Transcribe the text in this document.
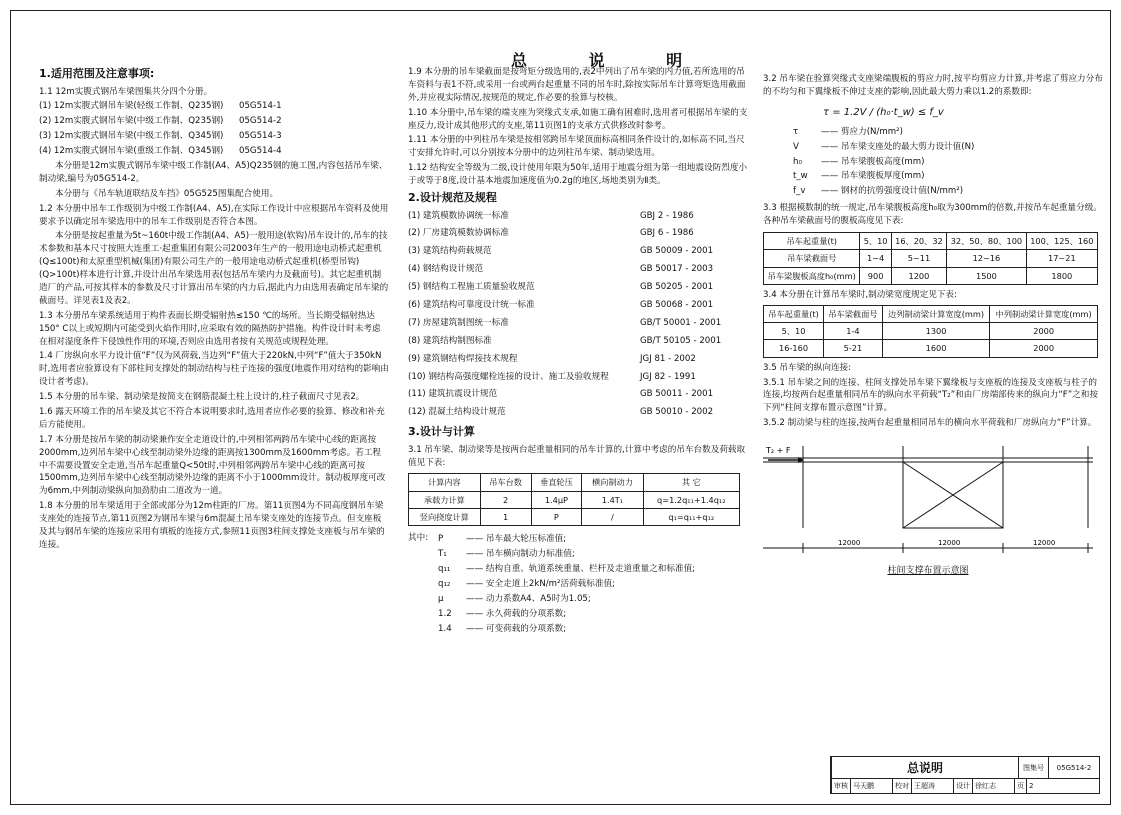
总 说 明
1.适用范围及注意事项:

1.1 12m实腹式钢吊车梁图集共分四个分册。

(1) 12m实腹式钢吊车梁(轻级工作制、Q235钢)	05G514-1
(2) 12m实腹式钢吊车梁(中级工作制、Q235钢)	05G514-2
(3) 12m实腹式钢吊车梁(中级工作制、Q345钢)	05G514-3
(4) 12m实腹式钢吊车梁(重级工作制、Q345钢)	05G514-4

本分册是12m实腹式钢吊车梁中级工作制(A4、A5)Q235钢的施工图,内容包括吊车梁、制动梁,编号为05G514-2。

本分册与《吊车轨道联结及车挡》05G525图集配合使用。

1.2 本分册中吊车工作级别为中级工作制(A4、A5),在实际工作设计中应根据吊车资料及使用要求予以确定吊车梁选用中的吊车工作级别是否符合本图。

本分册是按起重量为5t~160t中级工作制(A4、A5)一般用途(软钩)吊车设计的,吊车的技术参数和基本尺寸按照大连重工·起重集团有限公司2003年生产的一般用途电动桥式起重机(Q≤100t)和太原重型机械(集团)有限公司生产的一般用途电动桥式起重机(桥型吊钩)(Q>100t)样本进行计算,并设计出吊车梁选用表(包括吊车梁内力及截面号)。其它起重机制造厂的产品,可按其样本的参数及尺寸计算出吊车梁的内力后,据此内力由选用表确定吊车梁的截面号。详见表1及表2。

1.3 本分册吊车梁系统适用于构件表面长期受辐射热≤150 ℃的场所。当长期受辐射热达150° C以上或短期内可能受到火焰作用时,应采取有效的隔热防护措施。构件设计时未考虑在相对湿度条件下侵蚀性作用的环境,否则应由选用者按有关规范或规程处理。

1.4 厂房纵向水平力设计值“F”仅为风荷载,当边列“F”值大于220kN,中列“F”值大于350kN时,选用者应验算设有下部柱间支撑处的制动结构与柱子连接的强度(地震作用对结构的影响由设计者考虑)。

1.5 本分册的吊车梁、制动梁是按简支在钢筋混凝土柱上设计的,柱子截面尺寸见表2。

1.6 露天环境工作的吊车梁及其它不符合本说明要求时,选用者应作必要的验算、修改和补充后方能使用。

1.7 本分册是按吊车梁的制动梁兼作安全走道设计的,中列相邻两跨吊车梁中心线的距离按2000mm,边列吊车梁中心线至制动梁外边缘的距离按1300mm及1600mm考虑。若工程中不需要设置安全走道,当吊车起重量Q<50t时,中列相邻两跨吊车梁中心线的距离可按1500mm,边列吊车梁中心线至制动梁外边缘的距离不小于1000mm设计。制动板厚度可改为6mm,中列制动梁纵向加劲肋由二道改为一道。

1.8 本分册的吊车梁适用于全部或部分为12m柱距的厂房。第11页图4为不同高度钢吊车梁支座处的连接节点,第11页图2为钢吊车梁与6m混凝土吊车梁支座处的连接节点。但支座板及其与钢吊车梁的连接应采用有填板的连接方式,参照11页图3柱间支撑处支座板与吊车梁的连接。

1.9 本分册的吊车梁截面是按弯矩分级选用的,表2中列出了吊车梁的内力值,若所选用的吊车资料与表1不符,或采用一台或两台起重量不同的吊车时,除按实际吊车计算弯矩选用截面外,并应视实际情况,按规范的规定,作必要的验算与校核。

1.10 本分册中,吊车梁的端支座为突缘式支承,如施工确有困难时,选用者可根据吊车梁的支座反力,设计成其他形式的支座,第11页图1的支承方式供修改时参考。

1.11 本分册的中列柱吊车梁是按相邻跨吊车梁顶面标高相同条件设计的,如标高不同,当尺寸安排允许时,可以分别按本分册中的边列柱吊车梁、制动梁选用。

1.12 结构安全等级为二级,设计使用年限为50年,适用于地震分组为第一组地震设防烈度小于或等于8度,设计基本地震加速度值为0.2g的地区,场地类别为Ⅱ类。

2.设计规范及规程
(1) 建筑模数协调统一标准	GBJ 2 - 1986
(2) 厂房建筑模数协调标准	GBJ 6 - 1986
(3) 建筑结构荷载规范	GB 50009 - 2001
(4) 钢结构设计规范	GB 50017 - 2003
(5) 钢结构工程施工质量验收规范	GB 50205 - 2001
(6) 建筑结构可靠度设计统一标准	GB 50068 - 2001
(7) 房屋建筑制图统一标准	GB/T 50001 - 2001
(8) 建筑结构制图标准	GB/T 50105 - 2001
(9) 建筑钢结构焊接技术规程	JGJ 81 - 2002
(10) 钢结构高强度螺栓连接的设计、施工及验收规程	JGJ 82 - 1991
(11) 建筑抗震设计规范	GB 50011 - 2001
(12) 混凝土结构设计规范	GB 50010 - 2002
3.设计与计算

3.1 吊车梁、制动梁等是按两台起重量相同的吊车计算的,计算中考虑的吊车台数及荷载取值见下表:

计算内容	吊车台数	垂直轮压	横向制动力	其 它
承载力计算	2	1.4μP	1.4T₁	q=1.2q₁₁+1.4q₁₂
竖向挠度计算	1	P	/	q₁=q₁₁+q₁₂

其中:	P	—— 吊车最大轮压标准值;
T₁	—— 吊车横向制动力标准值;
q₁₁	—— 结构自重、轨道系统重量、栏杆及走道重量之和标准值;
q₁₂	—— 安全走道上2kN/m²活荷载标准值;
μ	—— 动力系数A4、A5时为1.05;
1.2	—— 永久荷载的分项系数;
1.4	—— 可变荷载的分项系数;

3.2 吊车梁在验算突缘式支座梁端腹板的剪应力时,按平均剪应力计算,并考虑了剪应力分布的不均匀和下翼缘板不伸过支座的影响,因此最大剪力乘以1.2的系数即:

τ = 1.2V / (h₀·t_w) ≤ f_v
τ	—— 剪应力(N/mm²)
V	—— 吊车梁支座处的最大剪力设计值(N)
h₀	—— 吊车梁腹板高度(mm)
t_w	—— 吊车梁腹板厚度(mm)
f_v	—— 钢材的抗剪强度设计值(N/mm²)

3.3 根据模数制的统一规定,吊车梁腹板高度h₀取为300mm的倍数,并按吊车起重量分级。各种吊车梁截面号的腹板高度见下表:

吊车起重量(t)	5、10	16、20、32	32、50、80、100	100、125、160
吊车梁截面号	1~4	5~11	12~16	17~21
吊车梁腹板高度h₀(mm)	900	1200	1500	1800

3.4 本分册在计算吊车梁时,制动梁宽度规定见下表:

吊车起重量(t)	吊车梁截面号	边列制动梁计算宽度(mm)	中列制动梁计算宽度(mm)
5、10	1-4	1300	2000
16-160	5-21	1600	2000

3.5 吊车梁的纵向连接:

3.5.1 吊车梁之间的连接、柱间支撑处吊车梁下翼缘板与支座板的连接及支座板与柱子的连接,均按两台起重量相同吊车的纵向水平荷载“T₂”和由厂房端部传来的纵向力“F”之和按下列“柱间支撑布置示意图”计算。

3.5.2 制动梁与柱的连接,按两台起重量相同吊车的横向水平荷载和厂房纵向力“F”计算。

T₂ + F
12000	12000	12000
柱间支撑布置示意图
总说明	图集号	05G514-2
审核 马天鹏	校对 王超涛	设计 徐红志	页 2
